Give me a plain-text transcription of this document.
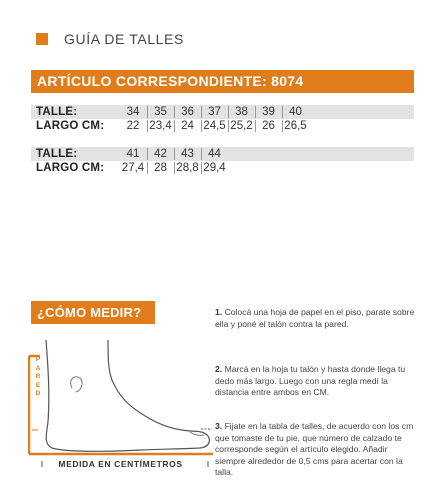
GUÍA DE TALLES
ARTÍCULO CORRESPONDIENTE: 8074
TALLE:	34	35	36	37	38	39	40
LARGO CM:	22 23,4 24 24,5 25,2 26 26,5
TALLE:	41	42	43	44
LARGO CM: 27,4 28 28,8 29,4
¿CÓMO MEDIR?
PARED
MEDIDA EN CENTÍMETROS
1. Colocá una hoja de papel en el piso, parate sobre ella y poné el talón contra la pared.
2. Marcá en la hoja tu talón y hasta donde llega tu dedo más largo. Luego con una regla medí la distancia entre ambos en CM.
3. Fijate en la tabla de talles, de acuerdo con los cm que tomaste de tu pie, que número de calzado te corresponde según el artículo elegido. Añadir siempre alrededor de 0,5 cms para acertar con la talla.
